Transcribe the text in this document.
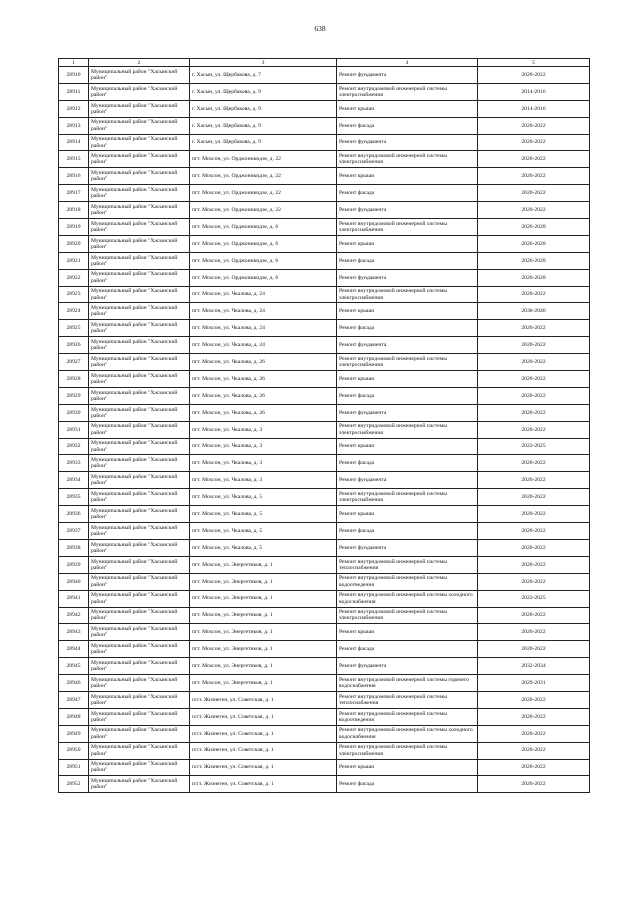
638
1	2	3	4	5
28910	Муниципальный район "Хасынский район"	г. Хасын, ул. Щербакова, д. 7	Ремонт фундамента	2020-2022
28911	Муниципальный район "Хасынский район"	г. Хасын, ул. Щербакова, д. 9	Ремонт внутридомовой инженерной системы электроснабжения	2014-2016
28912	Муниципальный район "Хасынский район"	г. Хасын, ул. Щербакова, д. 9	Ремонт крыши	2014-2016
28913	Муниципальный район "Хасынский район"	г. Хасын, ул. Щербакова, д. 9	Ремонт фасада	2020-2022
28914	Муниципальный район "Хасынский район"	г. Хасын, ул. Щербакова, д. 9	Ремонт фундамента	2020-2022
28915	Муниципальный район "Хасынский район"	пгт. Мохсон, ул. Орджоникидзе, д. 22	Ремонт внутридомовой инженерной системы электроснабжения	2020-2022
28916	Муниципальный район "Хасынский район"	пгт. Мохсон, ул. Орджоникидзе, д. 22	Ремонт крыши	2020-2022
28917	Муниципальный район "Хасынский район"	пгт. Мохсон, ул. Орджоникидзе, д. 22	Ремонт фасада	2020-2022
28918	Муниципальный район "Хасынский район"	пгт. Мохсон, ул. Орджоникидзе, д. 22	Ремонт фундамента	2020-2022
28919	Муниципальный район "Хасынский район"	пгт. Мохсон, ул. Орджоникидзе, д. 6	Ремонт внутридомовой инженерной системы электроснабжения	2026-2028
28920	Муниципальный район "Хасынский район"	пгт. Мохсон, ул. Орджоникидзе, д. 6	Ремонт крыши	2026-2028
28921	Муниципальный район "Хасынский район"	пгт. Мохсон, ул. Орджоникидзе, д. 6	Ремонт фасада	2026-2028
28922	Муниципальный район "Хасынский район"	пгт. Мохсон, ул. Орджоникидзе, д. 6	Ремонт фундамента	2026-2028
28923	Муниципальный район "Хасынский район"	пгт. Мохсон, ул. Чкалова, д. 24	Ремонт внутридомовой инженерной системы электроснабжения	2020-2022
28924	Муниципальный район "Хасынский район"	пгт. Мохсон, ул. Чкалова, д. 24	Ремонт крыши	2038-2040
28925	Муниципальный район "Хасынский район"	пгт. Мохсон, ул. Чкалова, д. 24	Ремонт фасада	2020-2022
28926	Муниципальный район "Хасынский район"	пгт. Мохсон, ул. Чкалова, д. 24	Ремонт фундамента	2020-2022
28927	Муниципальный район "Хасынский район"	пгт. Мохсон, ул. Чкалова, д. 26	Ремонт внутридомовой инженерной системы электроснабжения	2020-2022
28928	Муниципальный район "Хасынский район"	пгт. Мохсон, ул. Чкалова, д. 26	Ремонт крыши	2020-2022
28929	Муниципальный район "Хасынский район"	пгт. Мохсон, ул. Чкалова, д. 26	Ремонт фасада	2020-2022
28930	Муниципальный район "Хасынский район"	пгт. Мохсон, ул. Чкалова, д. 26	Ремонт фундамента	2020-2022
28931	Муниципальный район "Хасынский район"	пгт. Мохсон, ул. Чкалова, д. 3	Ремонт внутридомовой инженерной системы электроснабжения	2020-2022
28932	Муниципальный район "Хасынский район"	пгт. Мохсон, ул. Чкалова, д. 3	Ремонт крыши	2023-2025
28933	Муниципальный район "Хасынский район"	пгт. Мохсон, ул. Чкалова, д. 3	Ремонт фасада	2020-2022
28934	Муниципальный район "Хасынский район"	пгт. Мохсон, ул. Чкалова, д. 3	Ремонт фундамента	2020-2022
28935	Муниципальный район "Хасынский район"	пгт. Мохсон, ул. Чкалова, д. 5	Ремонт внутридомовой инженерной системы электроснабжения	2020-2022
28936	Муниципальный район "Хасынский район"	пгт. Мохсон, ул. Чкалова, д. 5	Ремонт крыши	2020-2022
28937	Муниципальный район "Хасынский район"	пгт. Мохсон, ул. Чкалова, д. 5	Ремонт фасада	2020-2022
28938	Муниципальный район "Хасынский район"	пгт. Мохсон, ул. Чкалова, д. 5	Ремонт фундамента	2020-2022
28939	Муниципальный район "Хасынский район"	пгт. Мохсон, ул. Энергетиков, д. 1	Ремонт внутридомовой инженерной системы теплоснабжения	2020-2022
28940	Муниципальный район "Хасынский район"	пгт. Мохсон, ул. Энергетиков, д. 1	Ремонт внутридомовой инженерной системы водоотведения	2020-2022
28941	Муниципальный район "Хасынский район"	пгт. Мохсон, ул. Энергетиков, д. 1	Ремонт внутридомовой инженерной системы холодного водоснабжения	2023-2025
28942	Муниципальный район "Хасынский район"	пгт. Мохсон, ул. Энергетиков, д. 1	Ремонт внутридомовой инженерной системы электроснабжения	2020-2022
28943	Муниципальный район "Хасынский район"	пгт. Мохсон, ул. Энергетиков, д. 1	Ремонт крыши	2020-2022
28944	Муниципальный район "Хасынский район"	пгт. Мохсон, ул. Энергетиков, д. 1	Ремонт фасада	2020-2022
28945	Муниципальный район "Хасынский район"	пгт. Мохсон, ул. Энергетиков, д. 1	Ремонт фундамента	2032-2034
28946	Муниципальный район "Хасынский район"	пгт. Мохсон, ул. Энергетиков, д. 1	Ремонт внутридомовой инженерной системы горячего водоснабжения	2029-2031
28947	Муниципальный район "Хасынский район"	п/ст. Жизнеген, ул. Советская, д. 1	Ремонт внутридомовой инженерной системы теплоснабжения	2020-2022
28948	Муниципальный район "Хасынский район"	п/ст. Жизнеген, ул. Советская, д. 1	Ремонт внутридомовой инженерной системы водоотведения	2020-2022
28949	Муниципальный район "Хасынский район"	п/ст. Жизнеген, ул. Советская, д. 1	Ремонт внутридомовой инженерной системы холодного водоснабжения	2020-2022
28950	Муниципальный район "Хасынский район"	п/ст. Жизнеген, ул. Советская, д. 1	Ремонт внутридомовой инженерной системы электроснабжения	2020-2022
28951	Муниципальный район "Хасынский район"	п/ст. Жизнеген, ул. Советская, д. 1	Ремонт крыши	2020-2022
28952	Муниципальный район "Хасынский район"	п/ст. Жизнеген, ул. Советская, д. 1	Ремонт фасада	2020-2022
